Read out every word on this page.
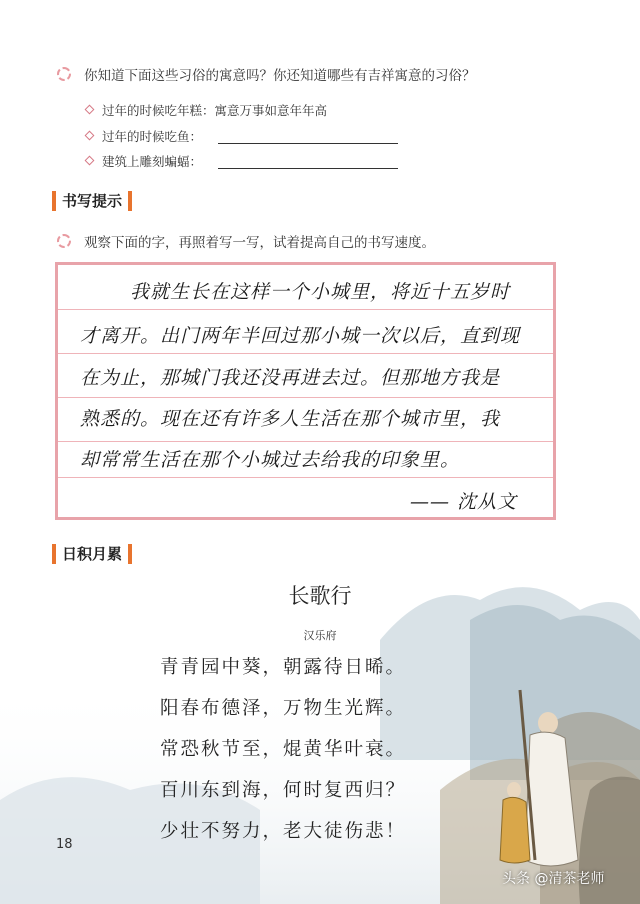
你知道下面这些习俗的寓意吗？你还知道哪些有吉祥寓意的习俗？
过年的时候吃年糕：寓意万事如意年年高
过年的时候吃鱼：
建筑上雕刻蝙蝠：
书写提示
观察下面的字，再照着写一写，试着提高自己的书写速度。
我就生长在这样一个小城里，将近十五岁时
才离开。出门两年半回过那小城一次以后，直到现
在为止，那城门我还没再进去过。但那地方我是
熟悉的。现在还有许多人生活在那个城市里，我
却常常生活在那个小城过去给我的印象里。
—— 沈从文
日积月累
长歌行
汉乐府
青青园中葵，朝露待日晞。
阳春布德泽，万物生光辉。
常恐秋节至，焜黄华叶衰。
百川东到海，何时复西归？
少壮不努力，老大徒伤悲！
18
头条 @清茶老师
